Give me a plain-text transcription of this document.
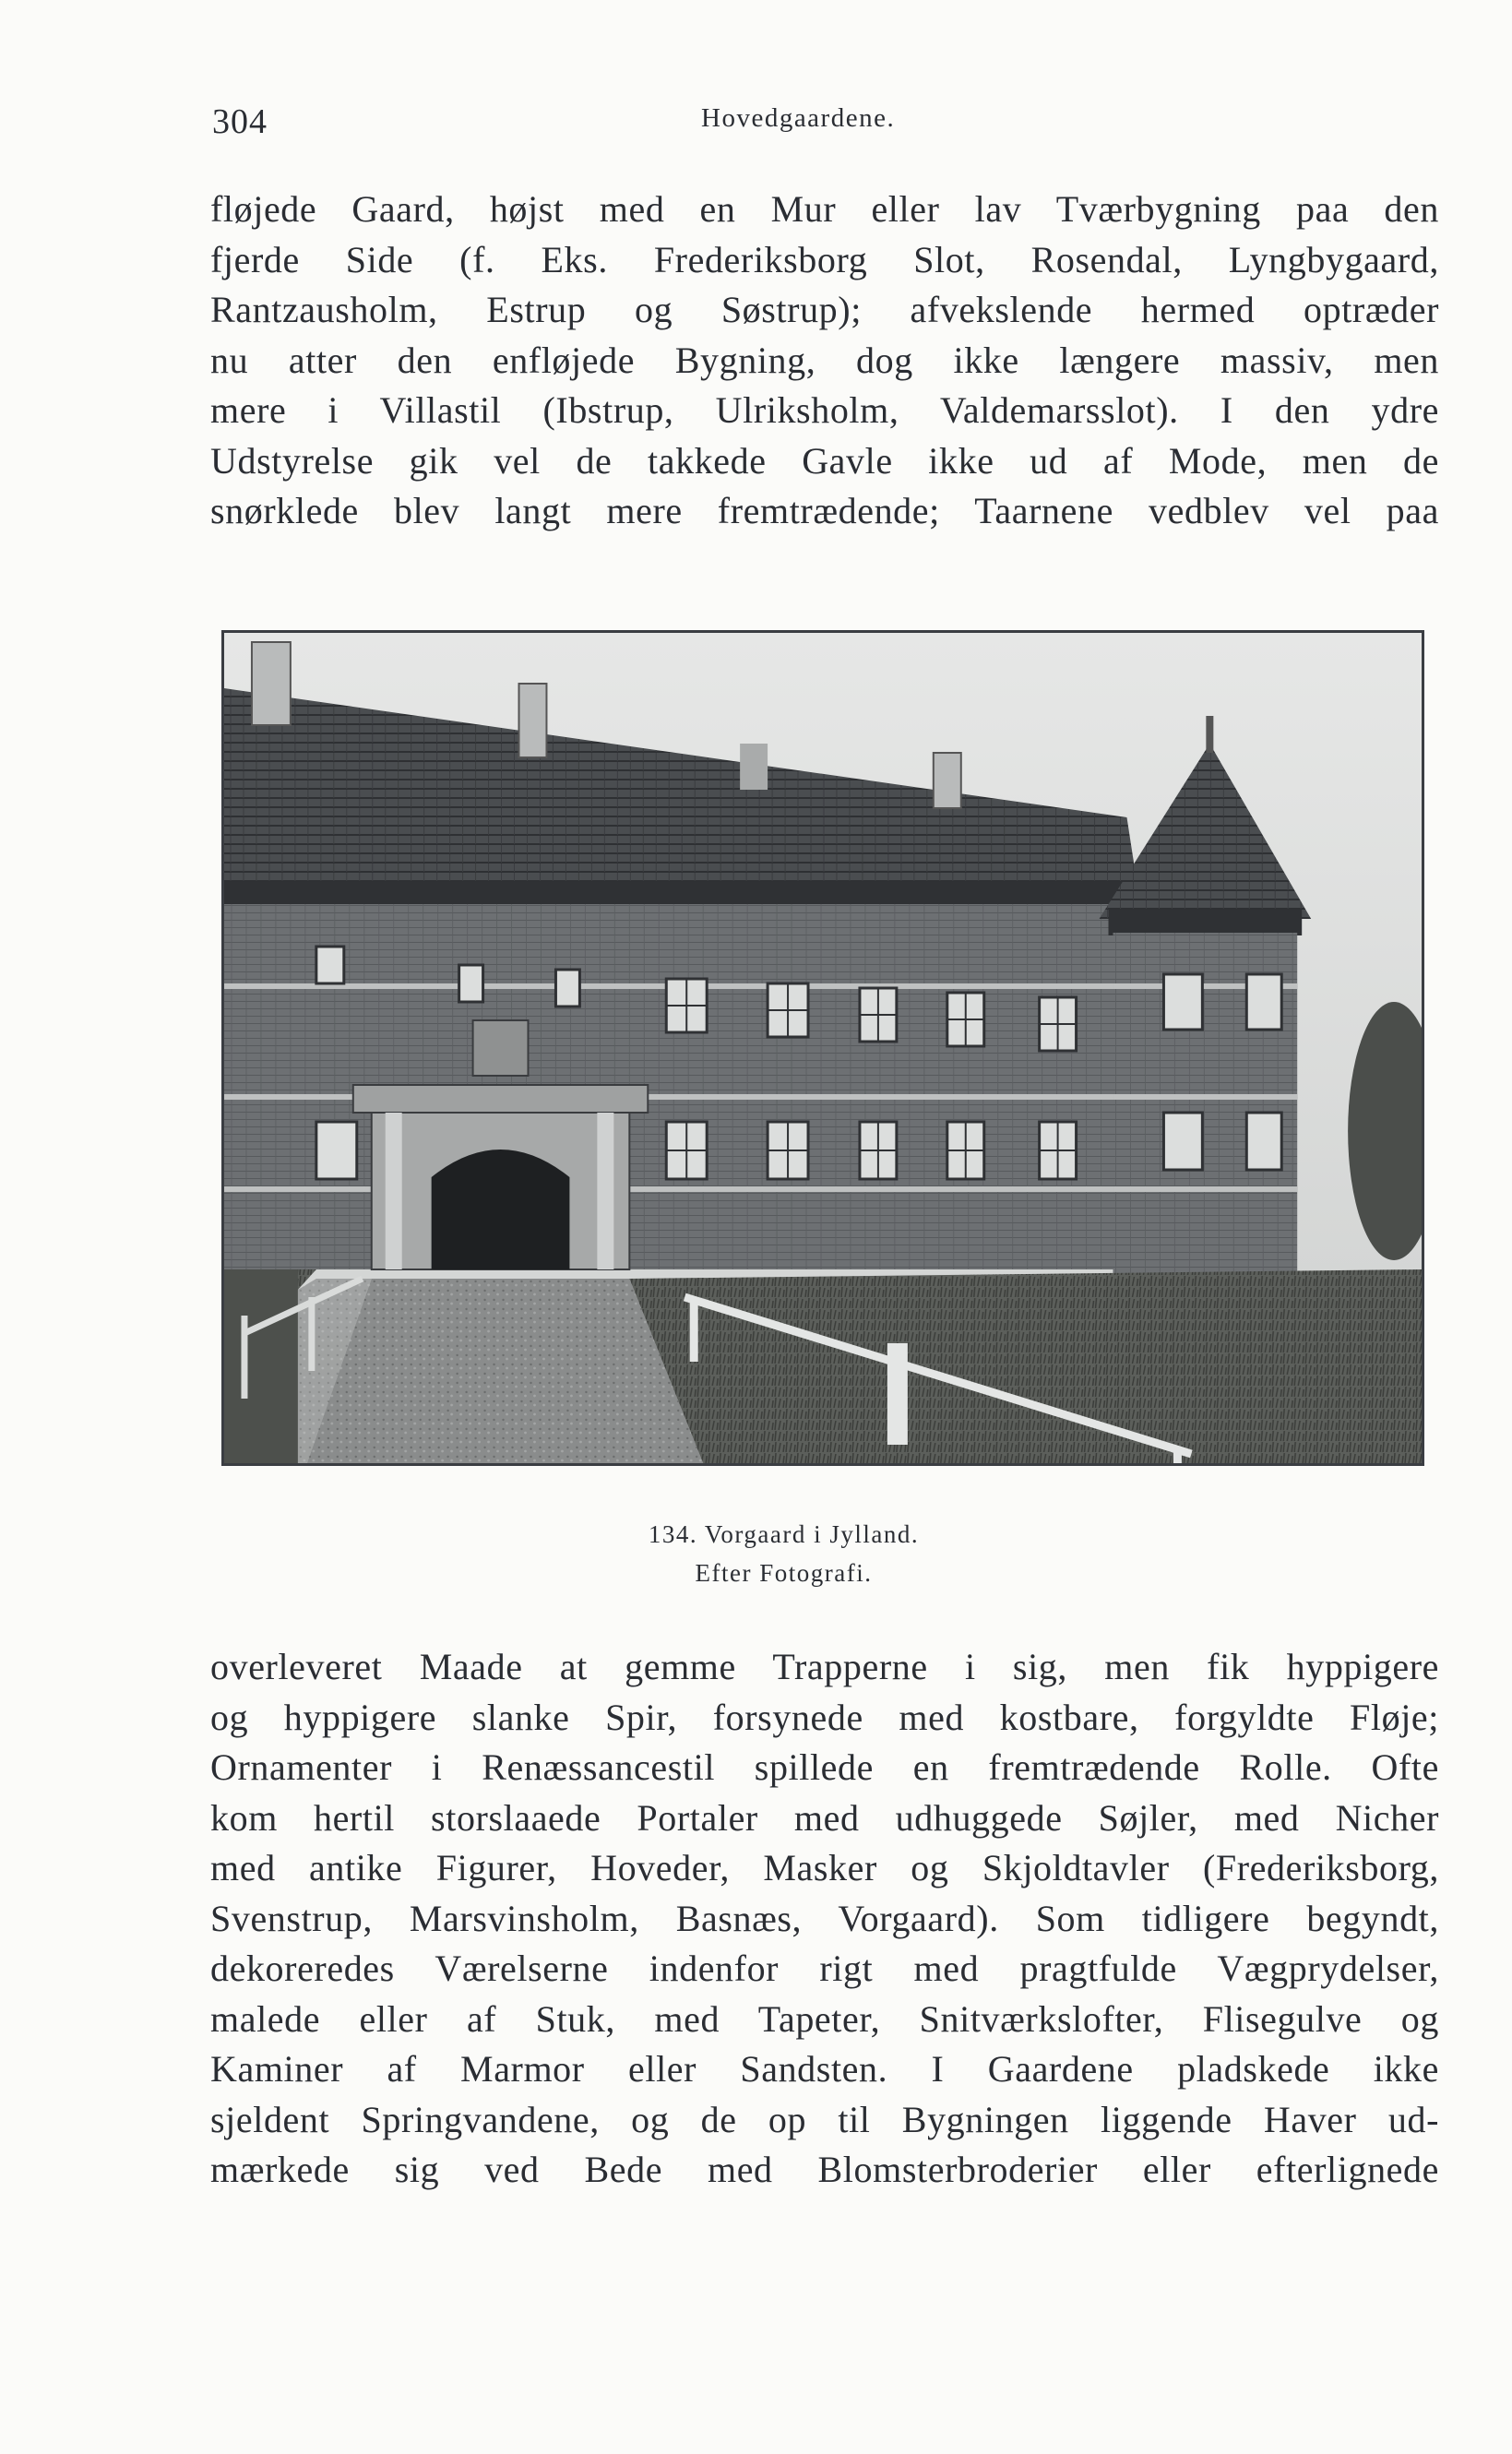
304	Hovedgaardene.
fløjede Gaard, højst med en Mur eller lav Tværbygning paa den
fjerde Side (f. Eks. Frederiksborg Slot, Rosendal, Lyngbygaard,
Rantzausholm, Estrup og Søstrup); afvekslende hermed optræder
nu atter den enfløjede Bygning, dog ikke længere massiv, men
mere i Villastil (Ibstrup, Ulriksholm, Valdemarsslot). I den ydre
Udstyrelse gik vel de takkede Gavle ikke ud af Mode, men de
snørklede blev langt mere fremtrædende; Taarnene vedblev vel paa
134. Vorgaard i Jylland.
Efter Fotografi.
overleveret Maade at gemme Trapperne i sig, men fik hyppigere
og hyppigere slanke Spir, forsynede med kostbare, forgyldte Fløje;
Ornamenter i Renæssancestil spillede en fremtrædende Rolle. Ofte
kom hertil storslaaede Portaler med udhuggede Søjler, med Nicher
med antike Figurer, Hoveder, Masker og Skjoldtavler (Frederiksborg,
Svenstrup, Marsvinsholm, Basnæs, Vorgaard). Som tidligere begyndt,
dekoreredes Værelserne indenfor rigt med pragtfulde Vægprydelser,
malede eller af Stuk, med Tapeter, Snitværkslofter, Flisegulve og
Kaminer af Marmor eller Sandsten. I Gaardene pladskede ikke
sjeldent Springvandene, og de op til Bygningen liggende Haver ud-
mærkede sig ved Bede med Blomsterbroderier eller efterlignede
